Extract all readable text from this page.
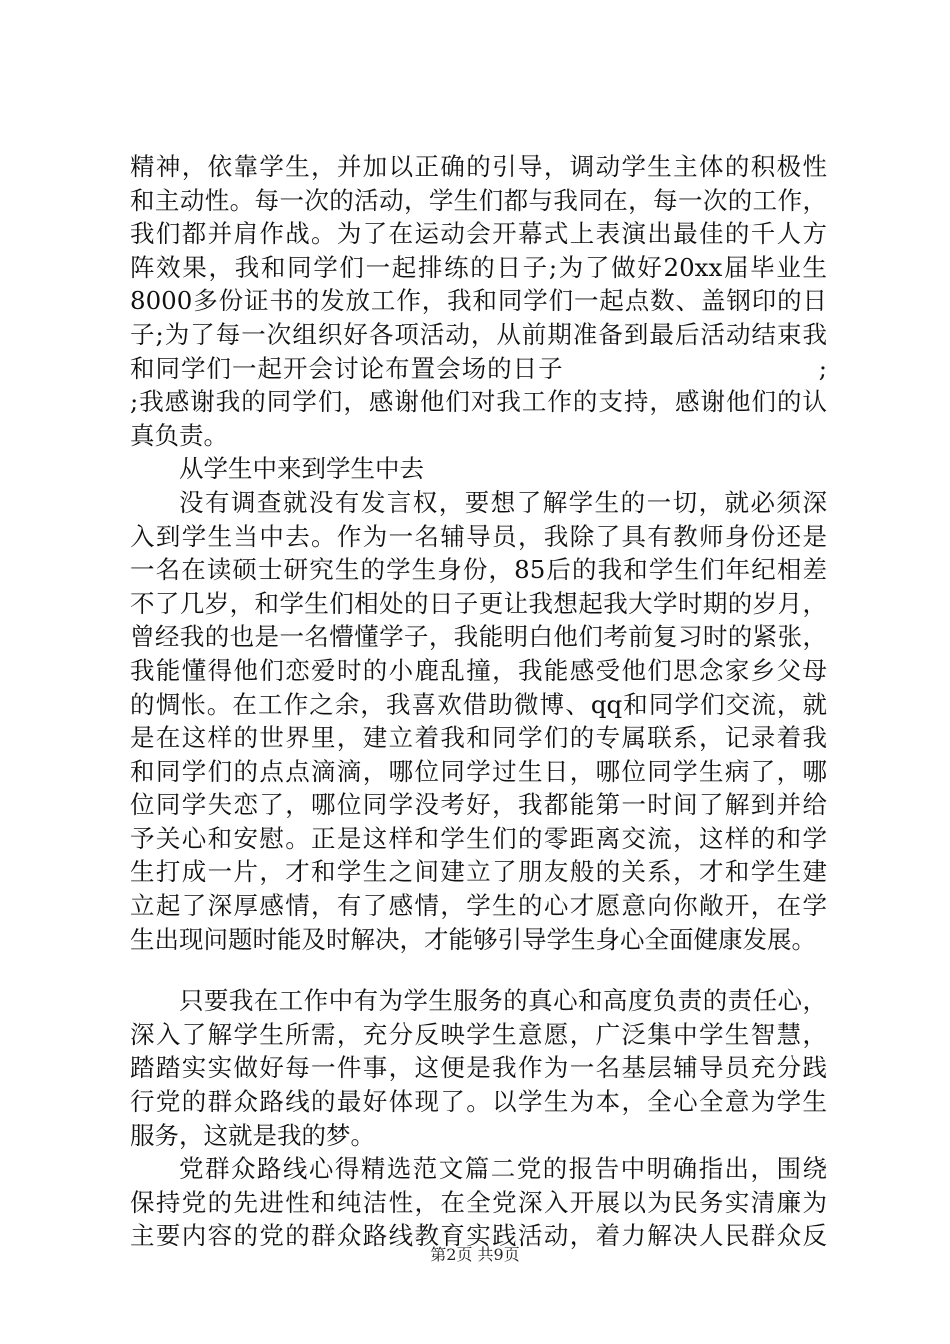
精神，依靠学生，并加以正确的引导，调动学生主体的积极性
和主动性。每一次的活动，学生们都与我同在，每一次的工作，
我们都并肩作战。为了在运动会开幕式上表演出最佳的千人方
阵效果，我和同学们一起排练的日子;为了做好20xx届毕业生
8000多份证书的发放工作，我和同学们一起点数、盖钢印的日
子;为了每一次组织好各项活动，从前期准备到最后活动结束我
和同学们一起开会讨论布置会场的日子　　　　　　　　　　;
;我感谢我的同学们，感谢他们对我工作的支持，感谢他们的认
真负责。
从学生中来到学生中去
没有调查就没有发言权，要想了解学生的一切，就必须深
入到学生当中去。作为一名辅导员，我除了具有教师身份还是
一名在读硕士研究生的学生身份，85后的我和学生们年纪相差
不了几岁，和学生们相处的日子更让我想起我大学时期的岁月，
曾经我的也是一名懵懂学子，我能明白他们考前复习时的紧张，
我能懂得他们恋爱时的小鹿乱撞，我能感受他们思念家乡父母
的惆怅。在工作之余，我喜欢借助微博、qq和同学们交流，就
是在这样的世界里，建立着我和同学们的专属联系，记录着我
和同学们的点点滴滴，哪位同学过生日，哪位同学生病了，哪
位同学失恋了，哪位同学没考好，我都能第一时间了解到并给
予关心和安慰。正是这样和学生们的零距离交流，这样的和学
生打成一片，才和学生之间建立了朋友般的关系，才和学生建
立起了深厚感情，有了感情，学生的心才愿意向你敞开，在学
生出现问题时能及时解决，才能够引导学生身心全面健康发展。
只要我在工作中有为学生服务的真心和高度负责的责任心，
深入了解学生所需，充分反映学生意愿，广泛集中学生智慧，
踏踏实实做好每一件事，这便是我作为一名基层辅导员充分践
行党的群众路线的最好体现了。以学生为本，全心全意为学生
服务，这就是我的梦。
党群众路线心得精选范文篇二党的报告中明确指出，围绕
保持党的先进性和纯洁性，在全党深入开展以为民务实清廉为
主要内容的党的群众路线教育实践活动，着力解决人民群众反
第2页 共9页
